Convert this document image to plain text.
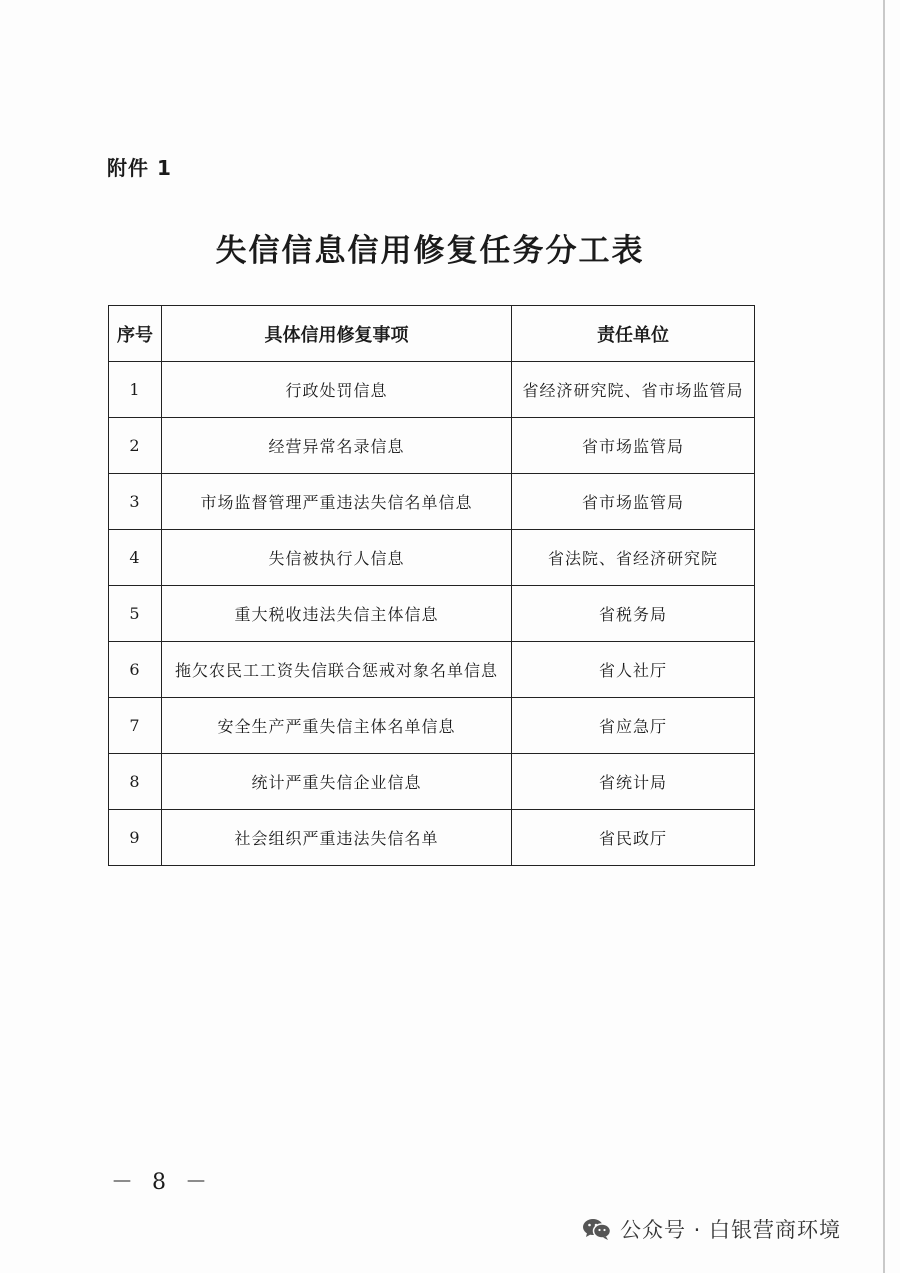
附件 1
失信信息信用修复任务分工表
序号	具体信用修复事项	责任单位
1	行政处罚信息	省经济研究院、省市场监管局
2	经营异常名录信息	省市场监管局
3	市场监督管理严重违法失信名单信息	省市场监管局
4	失信被执行人信息	省法院、省经济研究院
5	重大税收违法失信主体信息	省税务局
6	拖欠农民工工资失信联合惩戒对象名单信息	省人社厅
7	安全生产严重失信主体名单信息	省应急厅
8	统计严重失信企业信息	省统计局
9	社会组织严重违法失信名单	省民政厅
－ 8 －
公众号 · 白银营商环境
